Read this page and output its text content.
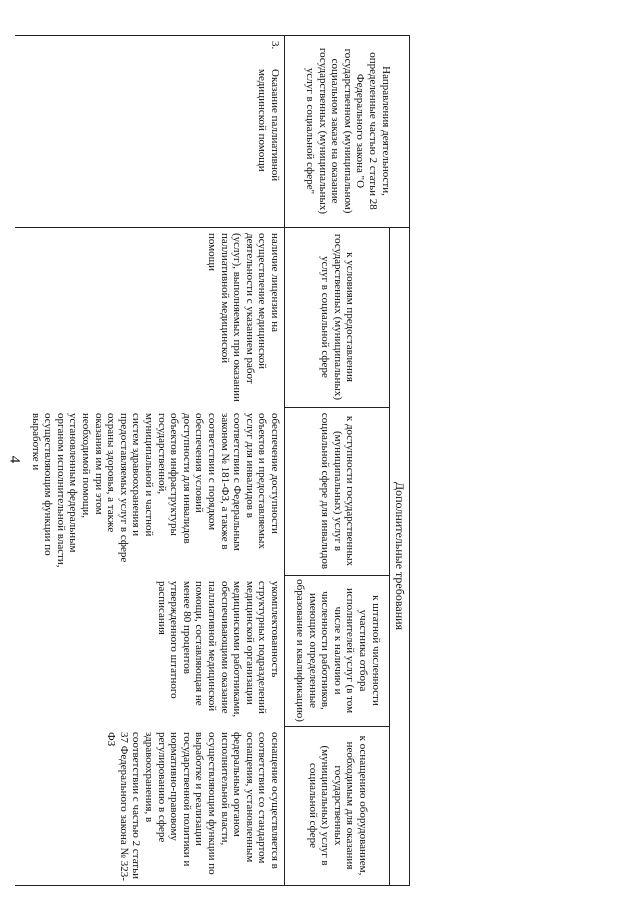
4
Направления деятельности, определенные частью 2 статьи 28 Федерального закона "О государственном (муниципальном) социальном заказе на оказание государственных (муниципальных) услуг в социальной сфере"
Дополнительные требования
к условиям предоставления государственных (муниципальных) услуг в социальной сфере
к доступности государственных (муниципальных) услуг в социальной сфере для инвалидов
к штатной численности участника отбора исполнителей услуг (в том числе к наличию и численности работников, имеющих определенные образование и квалификацию)
к оснащению оборудованием, необходимым для оказания государственных (муниципальных) услуг в социальной сфере
3.
Оказание паллиативной медицинской помощи
наличие лицензии на осуществление медицинской деятельности с указанием работ (услуг), выполняемых при оказании паллиативной медицинской помощи
обеспечение доступности объектов и предоставляемых услуг для инвалидов в соответствии с Федеральным законом № 181-ФЗ, а также в соответствии с порядком обеспечения условий доступности для инвалидов объектов инфраструктуры государственной, муниципальной и частной систем здравоохранения и предоставляемых услуг в сфере охраны здоровья, а также оказания им при этом необходимой помощи, установленным федеральным органом исполнительной власти, осуществляющим функции по выработке и
укомплектованность структурных подразделений медицинской организации медицинскими работниками, обеспечивающими оказание паллиативной медицинской помощи, составляющая не менее 80 процентов утвержденного штатного расписания
оснащение осуществляется в соответствии со стандартом оснащения, установленным федеральным органом исполнительной власти, осуществляющим функции по выработке и реализации государственной политики и нормативно-правовому регулированию в сфере здравоохранения, в соответствии с частью 2 статьи 37 Федерального закона № 323-ФЗ
